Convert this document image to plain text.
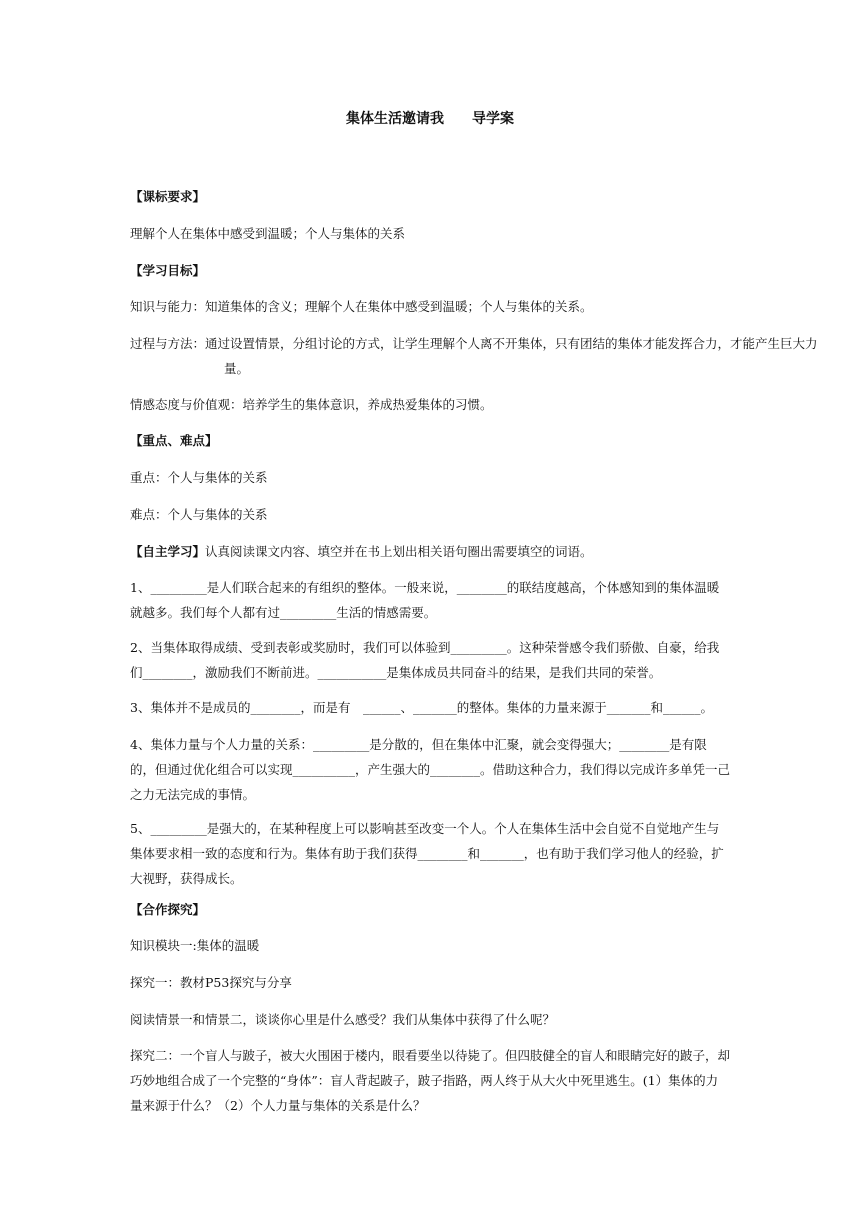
集体生活邀请我 导学案

【课标要求】

理解个人在集体中感受到温暖；个人与集体的关系

【学习目标】

知识与能力：知道集体的含义；理解个人在集体中感受到温暖；个人与集体的关系。

过程与方法：通过设置情景，分组讨论的方式，让学生理解个人离不开集体，只有团结的集体才能发挥合力，才能产生巨大力量。

情感态度与价值观：培养学生的集体意识，养成热爱集体的习惯。

【重点、难点】

重点：个人与集体的关系

难点：个人与集体的关系

【自主学习】认真阅读课文内容、填空并在书上划出相关语句圈出需要填空的词语。

1、_________是人们联合起来的有组织的整体。一般来说，________的联结度越高，个体感知到的集体温暖就越多。我们每个人都有过_________生活的情感需要。

2、当集体取得成绩、受到表彰或奖励时，我们可以体验到_________。这种荣誉感令我们骄傲、自豪，给我们________，激励我们不断前进。___________是集体成员共同奋斗的结果，是我们共同的荣誉。

3、集体并不是成员的________，而是有　______、_______的整体。集体的力量来源于_______和______。

4、集体力量与个人力量的关系：_________是分散的，但在集体中汇聚，就会变得强大；________是有限的，但通过优化组合可以实现__________，产生强大的________。借助这种合力，我们得以完成许多单凭一己之力无法完成的事情。

5、_________是强大的，在某种程度上可以影响甚至改变一个人。个人在集体生活中会自觉不自觉地产生与集体要求相一致的态度和行为。集体有助于我们获得________和_______，也有助于我们学习他人的经验，扩大视野，获得成长。

【合作探究】

知识模块一:集体的温暖

探究一：教材P53探究与分享

阅读情景一和情景二，谈谈你心里是什么感受？我们从集体中获得了什么呢？

探究二：一个盲人与跛子，被大火围困于楼内，眼看要坐以待毙了。但四肢健全的盲人和眼睛完好的跛子，却巧妙地组合成了一个完整的“身体”：盲人背起跛子，跛子指路，两人终于从大火中死里逃生。(1）集体的力量来源于什么？（2）个人力量与集体的关系是什么？
